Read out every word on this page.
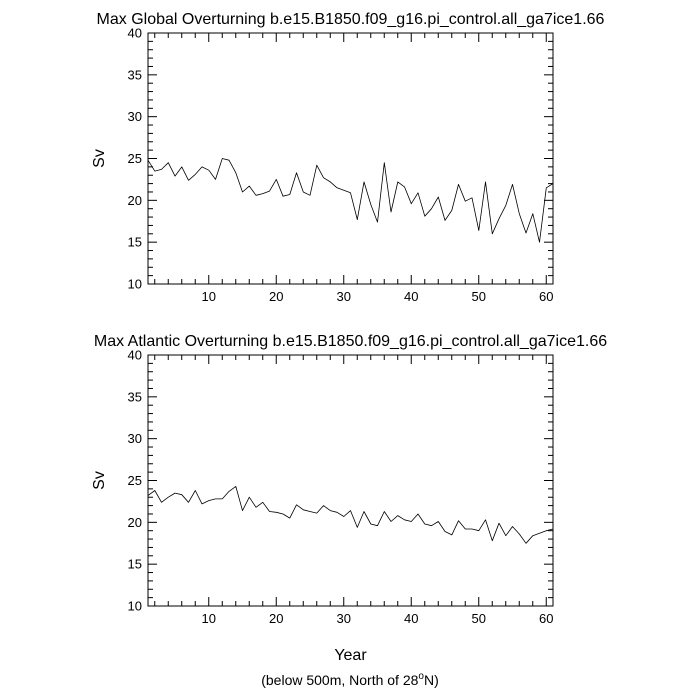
Max Global Overturning b.e15.B1850.f09_g16.pi_control.all_ga7ice1.66
10	20	30	40	50	60
10
15
20
25
30
35
40
Sv
Max Atlantic Overturning b.e15.B1850.f09_g16.pi_control.all_ga7ice1.66
10	20	30	40	50	60
10
15
20
25
30
35
40
Sv
Year
(below 500m, North of 28$^o$N)
